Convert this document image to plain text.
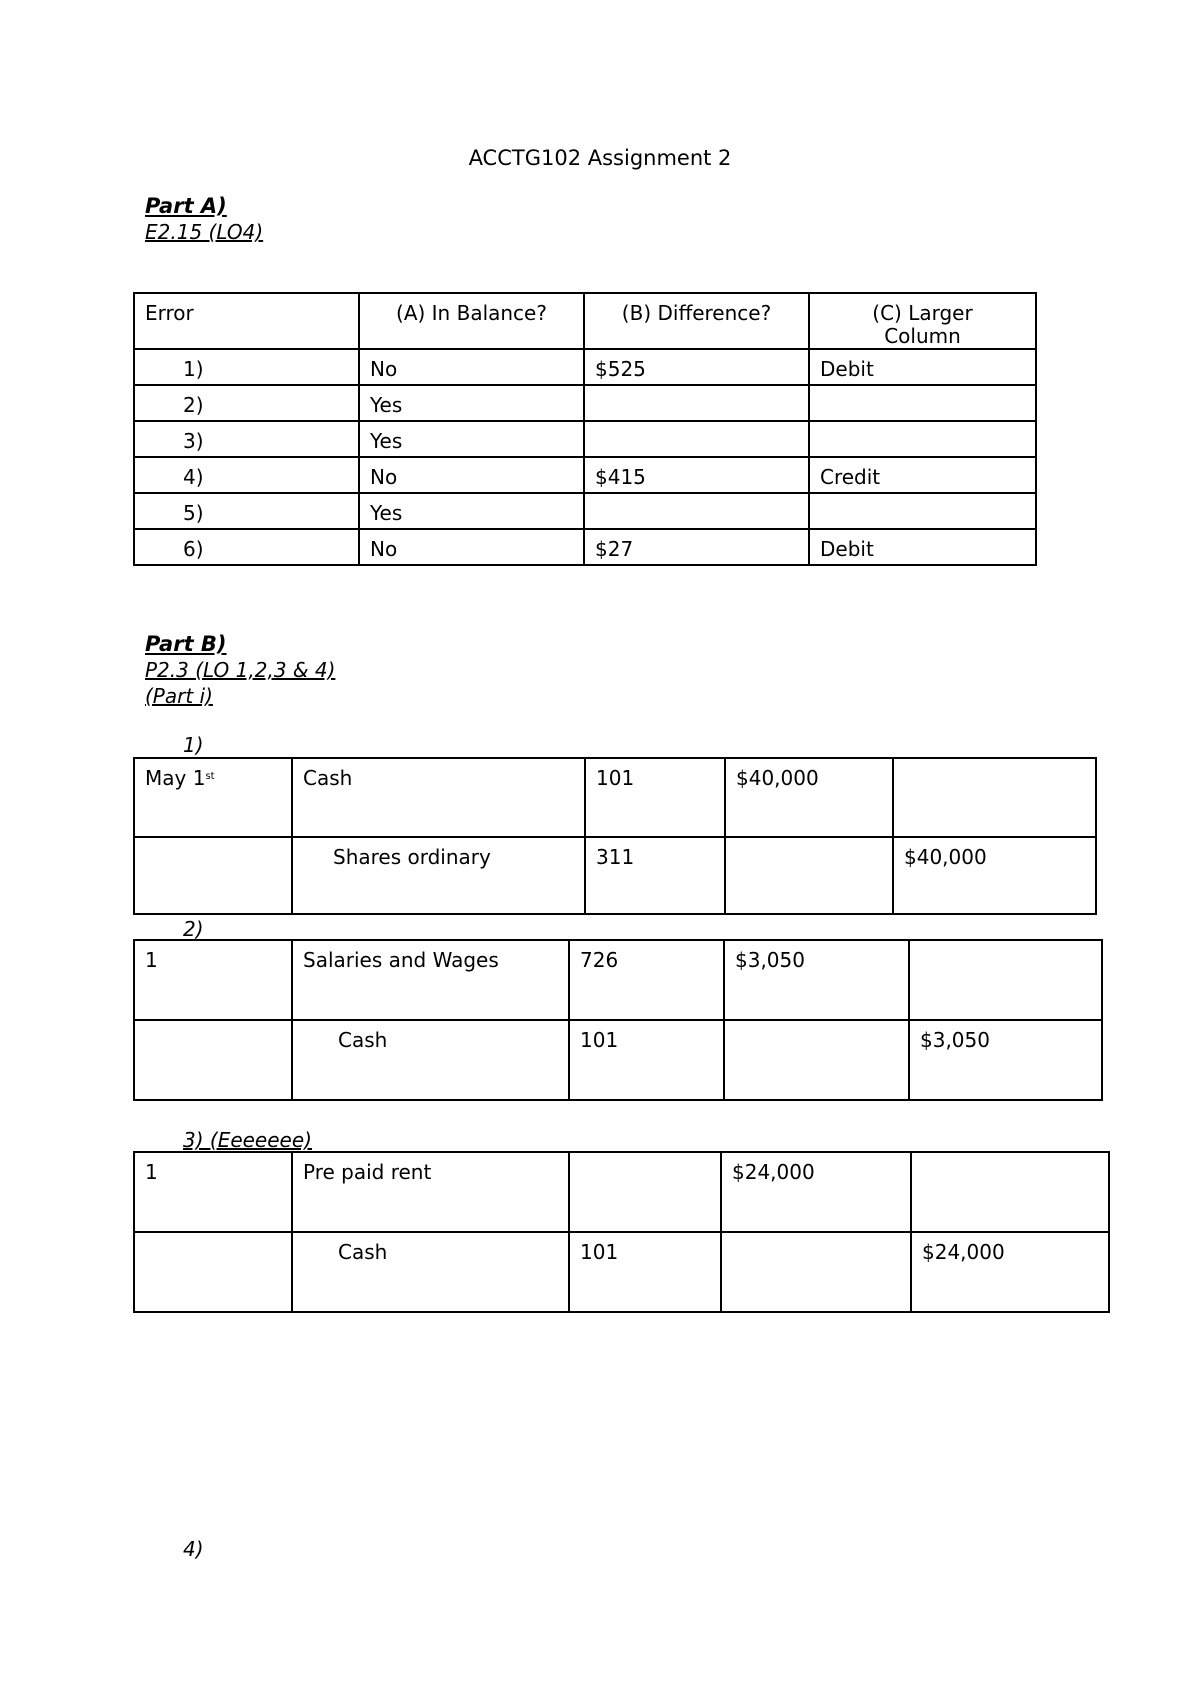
ACCTG102 Assignment 2
Part A)
E2.15 (LO4)
Error	(A) In Balance?	(B) Difference?	(C) Larger Column
1)	No	$525	Debit
2)	Yes		
3)	Yes		
4)	No	$415	Credit
5)	Yes		
6)	No	$27	Debit
Part B)
P2.3 (LO 1,2,3 & 4)
(Part i)
1)
May 1st	Cash	101	$40,000	
	Shares ordinary	311		$40,000
2)
1	Salaries and Wages	726	$3,050	
	Cash	101		$3,050
3) (Eeeeeee)
1	Pre paid rent		$24,000	
	Cash	101		$24,000
4)
